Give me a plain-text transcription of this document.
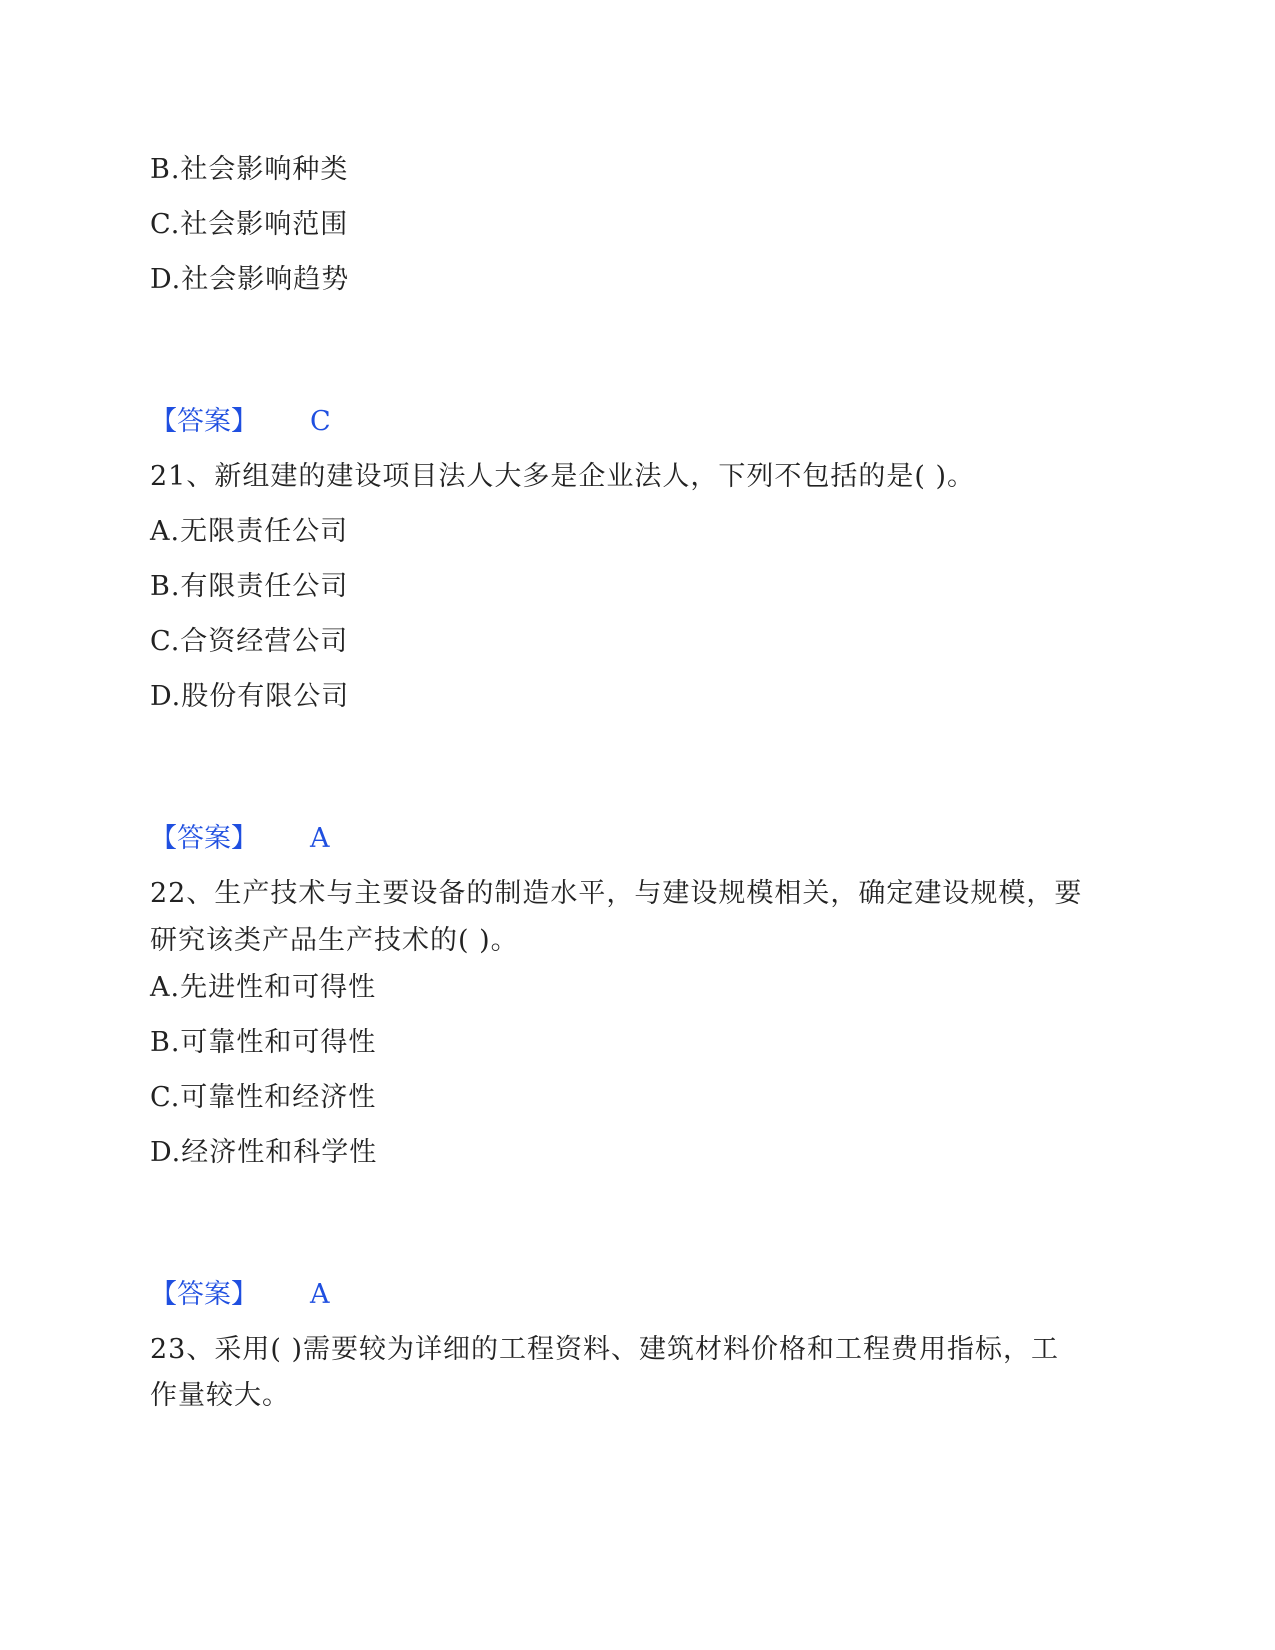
B.社会影响种类
C.社会影响范围
D.社会影响趋势
【答案】 C
21、新组建的建设项目法人大多是企业法人，下列不包括的是( )。
A.无限责任公司
B.有限责任公司
C.合资经营公司
D.股份有限公司
【答案】 A
22、生产技术与主要设备的制造水平，与建设规模相关，确定建设规模，要
研究该类产品生产技术的( )。
A.先进性和可得性
B.可靠性和可得性
C.可靠性和经济性
D.经济性和科学性
【答案】 A
23、采用( )需要较为详细的工程资料、建筑材料价格和工程费用指标，工
作量较大。
